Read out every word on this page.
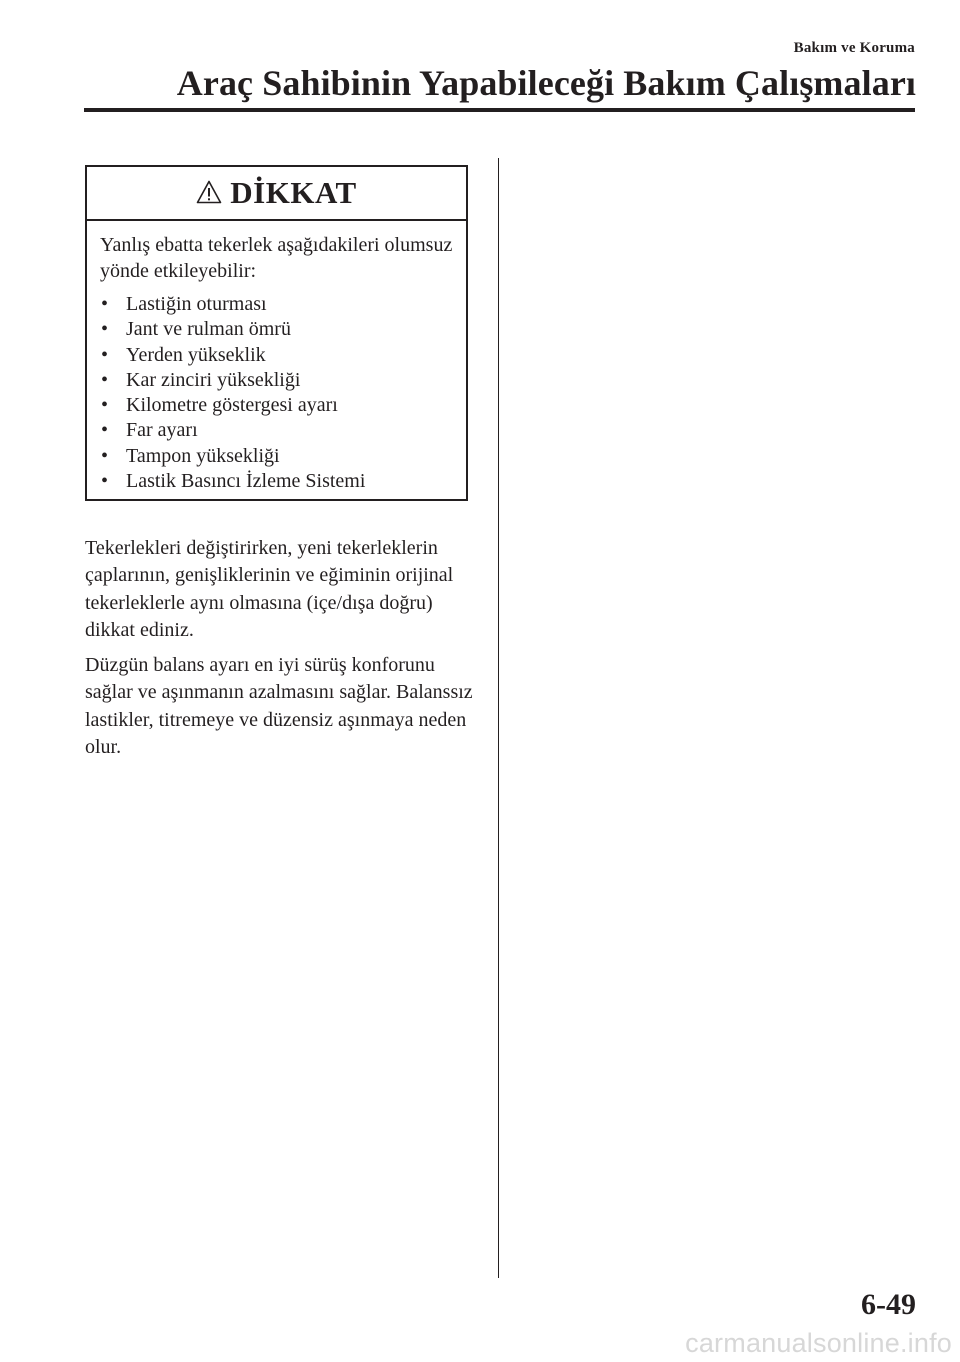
Bakım ve Koruma
Araç Sahibinin Yapabileceği Bakım Çalışmaları
DİKKAT

Yanlış ebatta tekerlek aşağıdakileri olumsuz yönde etkileyebilir:

• Lastiğin oturması
• Jant ve rulman ömrü
• Yerden yükseklik
• Kar zinciri yüksekliği
• Kilometre göstergesi ayarı
• Far ayarı
• Tampon yüksekliği
• Lastik Basıncı İzleme Sistemi

Tekerlekleri değiştirirken, yeni tekerleklerin çaplarının, genişliklerinin ve eğiminin orijinal tekerleklerle aynı olmasına (içe/dışa doğru) dikkat ediniz.

Düzgün balans ayarı en iyi sürüş konforunu sağlar ve aşınmanın azalmasını sağlar. Balanssız lastikler, titremeye ve düzensiz aşınmaya neden olur.

6-49
carmanualsonline.info
